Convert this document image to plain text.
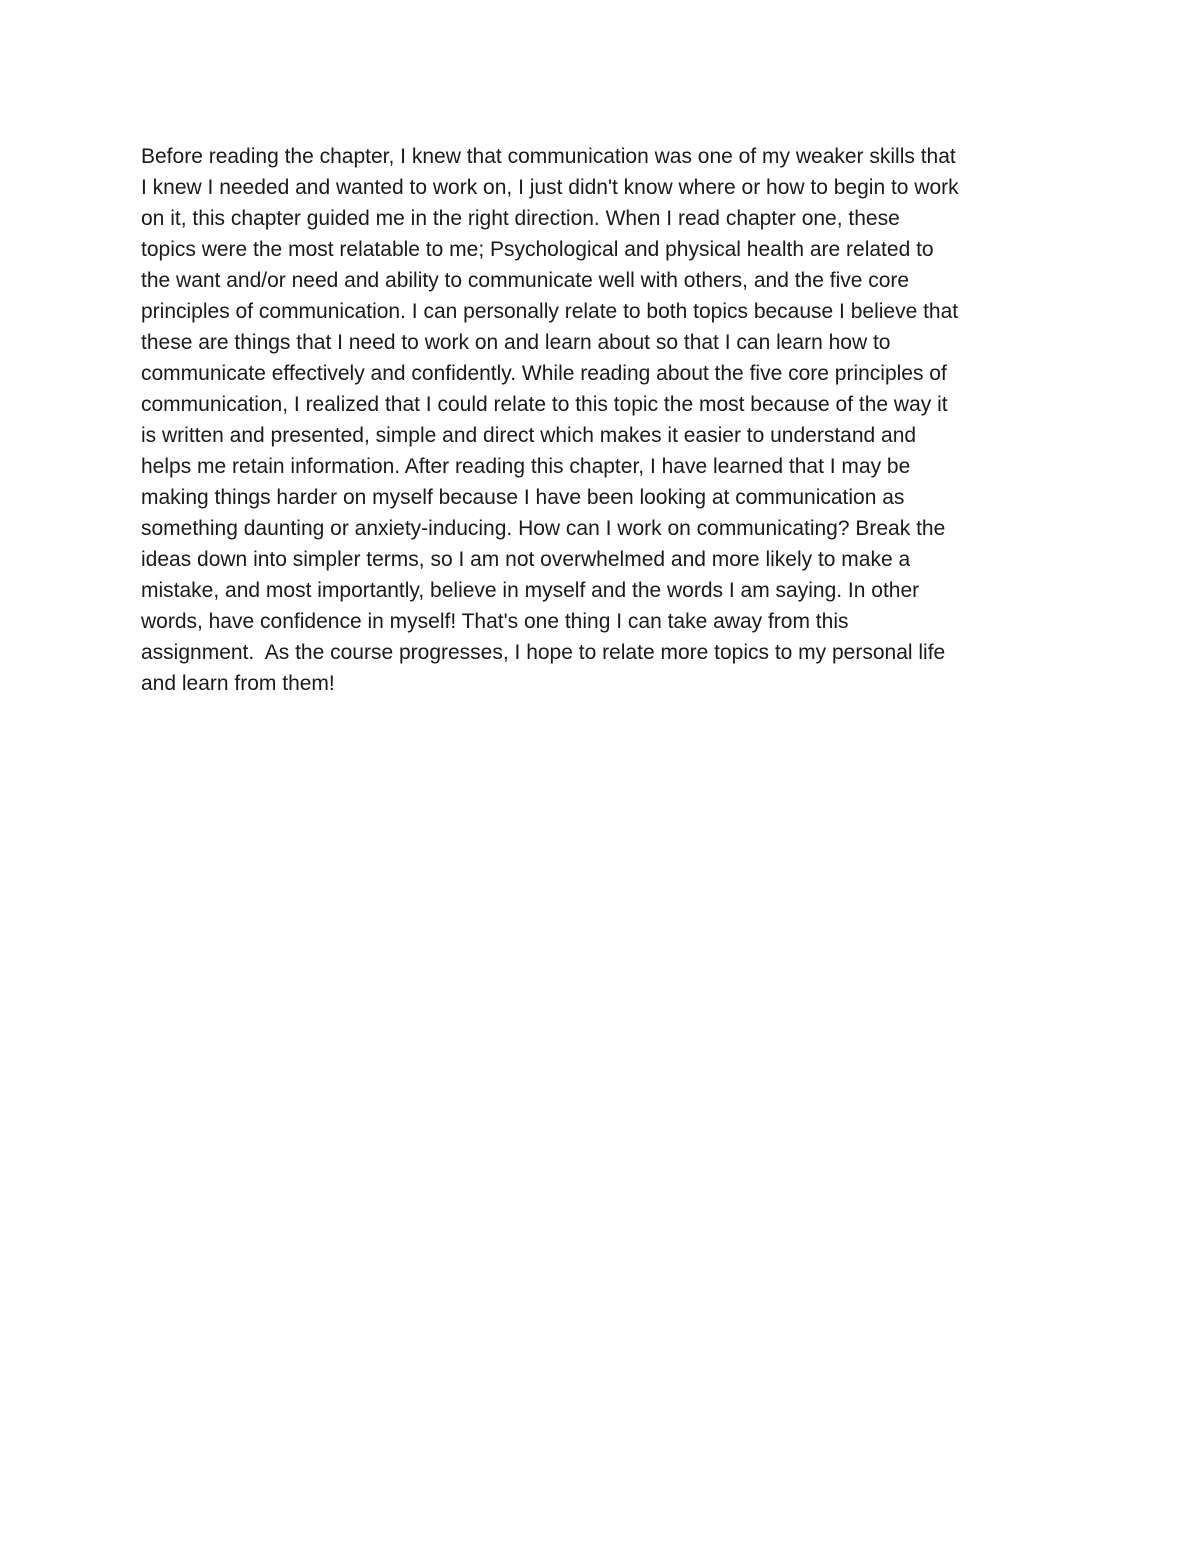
Before reading the chapter, I knew that communication was one of my weaker skills that
I knew I needed and wanted to work on, I just didn't know where or how to begin to work
on it, this chapter guided me in the right direction. When I read chapter one, these
topics were the most relatable to me; Psychological and physical health are related to
the want and/or need and ability to communicate well with others, and the five core
principles of communication. I can personally relate to both topics because I believe that
these are things that I need to work on and learn about so that I can learn how to
communicate effectively and confidently. While reading about the five core principles of
communication, I realized that I could relate to this topic the most because of the way it
is written and presented, simple and direct which makes it easier to understand and
helps me retain information. After reading this chapter, I have learned that I may be
making things harder on myself because I have been looking at communication as
something daunting or anxiety-inducing. How can I work on communicating? Break the
ideas down into simpler terms, so I am not overwhelmed and more likely to make a
mistake, and most importantly, believe in myself and the words I am saying. In other
words, have confidence in myself! That's one thing I can take away from this
assignment.  As the course progresses, I hope to relate more topics to my personal life
and learn from them!
